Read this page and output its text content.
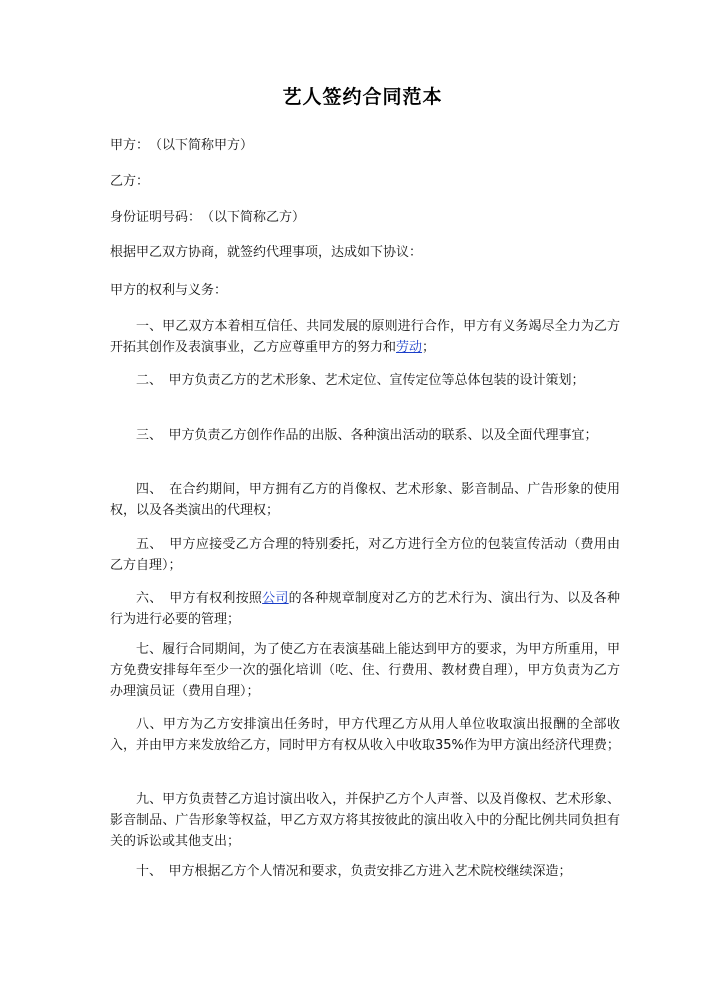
艺人签约合同范本
甲方：　（以下简称甲方）
乙方：
身份证明号码：　（以下简称乙方）
根据甲乙双方协商，就签约代理事项，达成如下协议：
甲方的权利与义务：
一、甲乙双方本着相互信任、共同发展的原则进行合作，甲方有义务竭尽全力为乙方开拓其创作及表演事业，乙方应尊重甲方的努力和劳动；
二、　甲方负责乙方的艺术形象、艺术定位、宣传定位等总体包装的设计策划；
三、　甲方负责乙方创作作品的出版、各种演出活动的联系、以及全面代理事宜；
四、　在合约期间，甲方拥有乙方的肖像权、艺术形象、影音制品、广告形象的使用权，以及各类演出的代理权；
五、　甲方应接受乙方合理的特别委托，对乙方进行全方位的包装宣传活动（费用由乙方自理）；
六、　甲方有权利按照公司的各种规章制度对乙方的艺术行为、演出行为、以及各种行为进行必要的管理；
七、履行合同期间，为了使乙方在表演基础上能达到甲方的要求，为甲方所重用，甲方免费安排每年至少一次的强化培训（吃、住、行费用、教材费自理），甲方负责为乙方办理演员证（费用自理）；
八、甲方为乙方安排演出任务时，甲方代理乙方从用人单位收取演出报酬的全部收入，并由甲方来发放给乙方，同时甲方有权从收入中收取35%作为甲方演出经济代理费；
九、甲方负责替乙方追讨演出收入，并保护乙方个人声誉、以及肖像权、艺术形象、影音制品、广告形象等权益，甲乙方双方将其按彼此的演出收入中的分配比例共同负担有关的诉讼或其他支出；
十、　甲方根据乙方个人情况和要求，负责安排乙方进入艺术院校继续深造；
